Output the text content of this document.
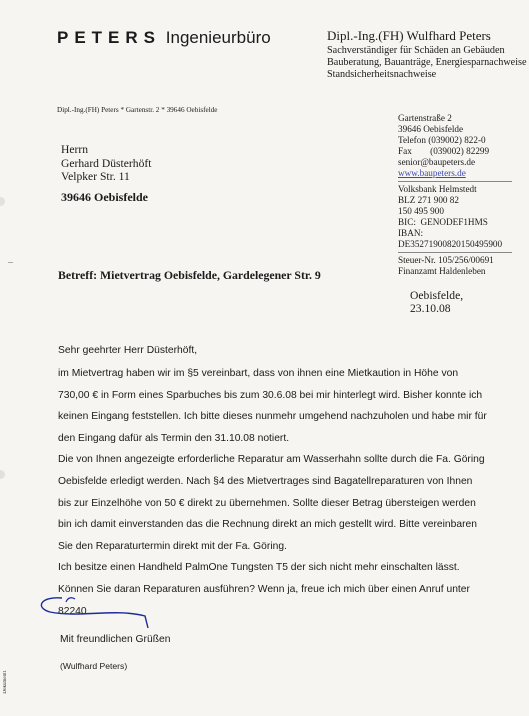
PETERS Ingenieurbüro	Dipl.-Ing.(FH) Wulfhard Peters
Sachverständiger für Schäden an Gebäuden
Bauberatung, Bauanträge, Energiesparnachweise
Standsicherheitsnachweise
Dipl.-Ing.(FH) Peters * Gartenstr. 2 * 39646 Oebisfelde
Herrn
Gerhard Düsterhöft
Velpker Str. 11
39646 Oebisfelde
Gartenstraße 2
39646 Oebisfelde
Telefon (039002) 822-0
Fax        (039002) 82299
senior@baupeters.de
www.baupeters.de
Volksbank Helmstedt
BLZ 271 900 82
150 495 900
BIC:  GENODEF1HMS
IBAN:
DE35271900820150495900
Steuer-Nr. 105/256/00691
Finanzamt Haldenleben
Betreff: Mietvertrag Oebisfelde, Gardelegener Str. 9
Oebisfelde,
23.10.08
Sehr geehrter Herr Düsterhöft,
im Mietvertrag haben wir im §5 vereinbart, dass von ihnen eine Mietkaution in Höhe von
730,00 € in Form eines Sparbuches bis zum 30.6.08 bei mir hinterlegt wird. Bisher konnte ich
keinen Eingang feststellen. Ich bitte dieses nunmehr umgehend nachzuholen und habe mir für
den Eingang dafür als Termin den 31.10.08 notiert.
Die von Ihnen angezeigte erforderliche Reparatur am Wasserhahn sollte durch die Fa. Göring
Oebisfelde erledigt werden. Nach §4 des Mietvertrages sind Bagatellreparaturen von Ihnen
bis zur Einzelhöhe von 50 € direkt zu übernehmen. Sollte dieser Betrag übersteigen werden
bin ich damit einverstanden das die Rechnung direkt an mich gestellt wird. Bitte vereinbaren
Sie den Reparaturtermin direkt mit der Fa. Göring.
Ich besitze einen Handheld PalmOne Tungsten T5 der sich nicht mehr einschalten lässt.
Können Sie daran Reparaturen ausführen? Wenn ja, freue ich mich über einen Anruf unter
82240.
Mit freundlichen Grüßen
(Wulfhard Peters)
Dokument1
